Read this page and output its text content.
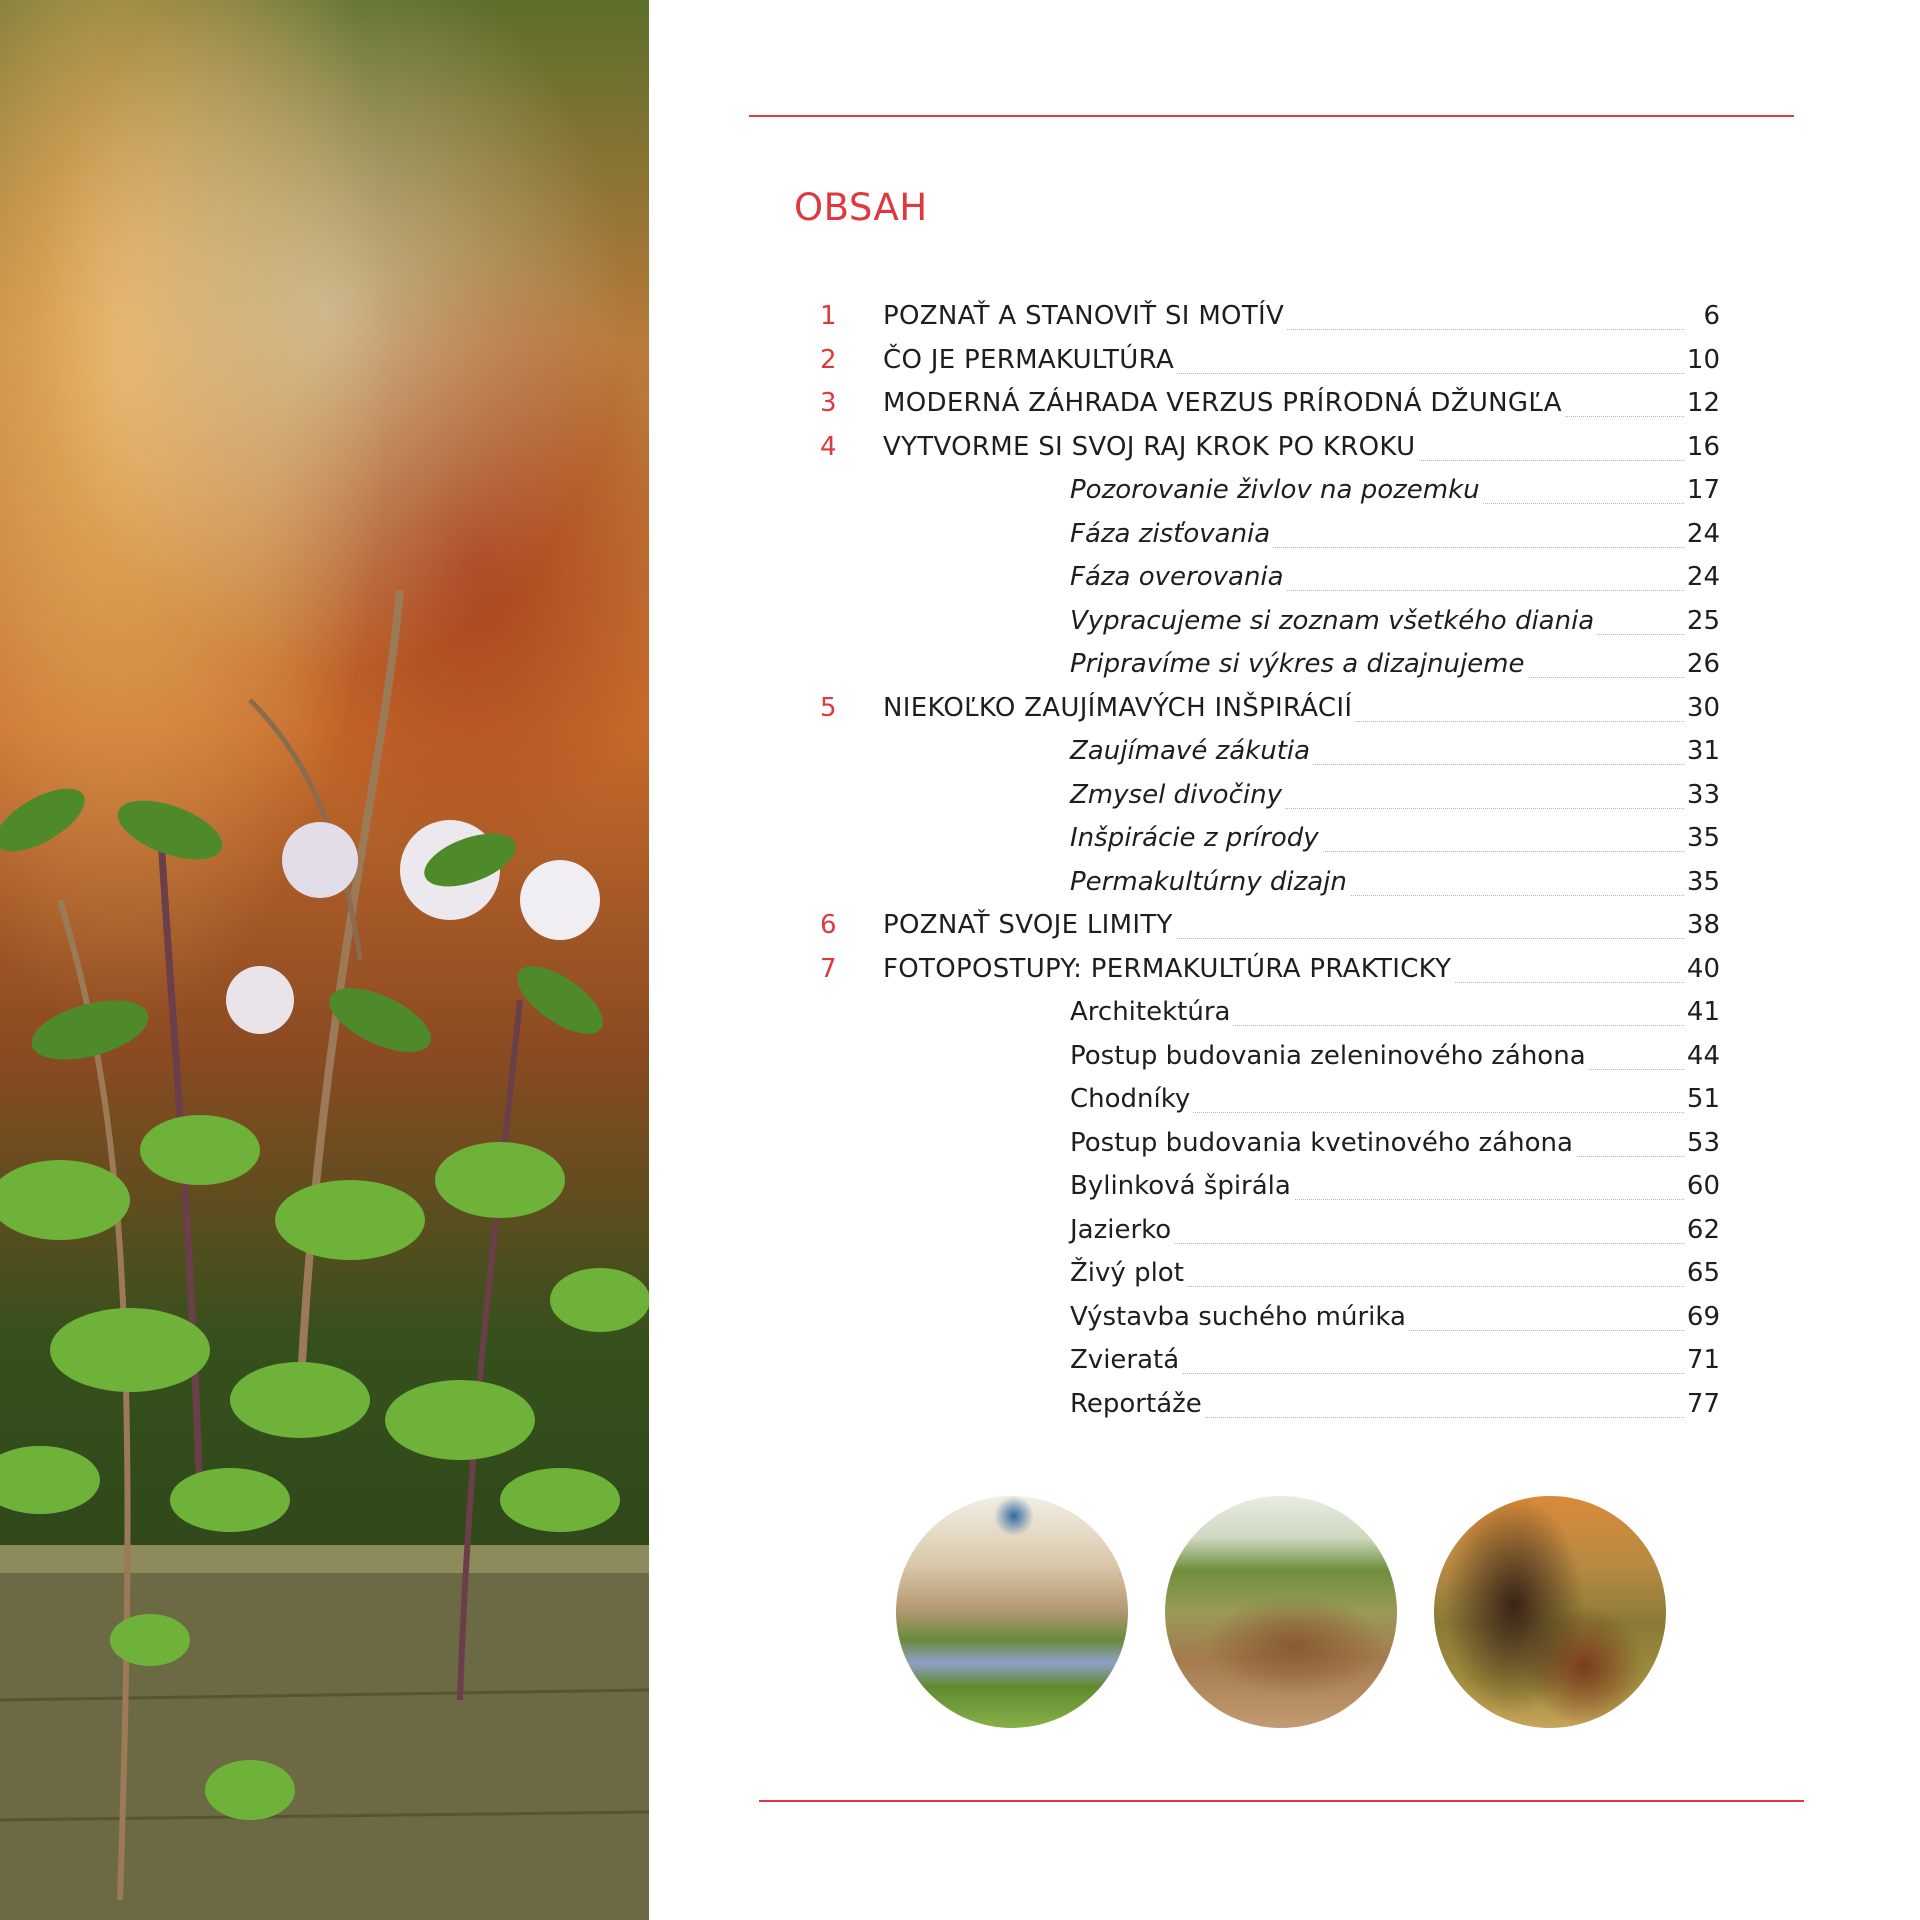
OBSAH
1	POZNAŤ A STANOVIŤ SI MOTÍV	6
2	ČO JE PERMAKULTÚRA	10
3	MODERNÁ ZÁHRADA VERZUS PRÍRODNÁ DŽUNGĽA	12
4	VYTVORME SI SVOJ RAJ KROK PO KROKU	16
Pozorovanie živlov na pozemku	17
Fáza zisťovania	24
Fáza overovania	24
Vypracujeme si zoznam všetkého diania	25
Pripravíme si výkres a dizajnujeme	26
5	NIEKOĽKO ZAUJÍMAVÝCH INŠPIRÁCIÍ	30
Zaujímavé zákutia	31
Zmysel divočiny	33
Inšpirácie z prírody	35
Permakultúrny dizajn	35
6	POZNAŤ SVOJE LIMITY	38
7	FOTOPOSTUPY: PERMAKULTÚRA PRAKTICKY	40
Architektúra	41
Postup budovania zeleninového záhona	44
Chodníky	51
Postup budovania kvetinového záhona	53
Bylinková špirála	60
Jazierko	62
Živý plot	65
Výstavba suchého múrika	69
Zvieratá	71
Reportáže	77
